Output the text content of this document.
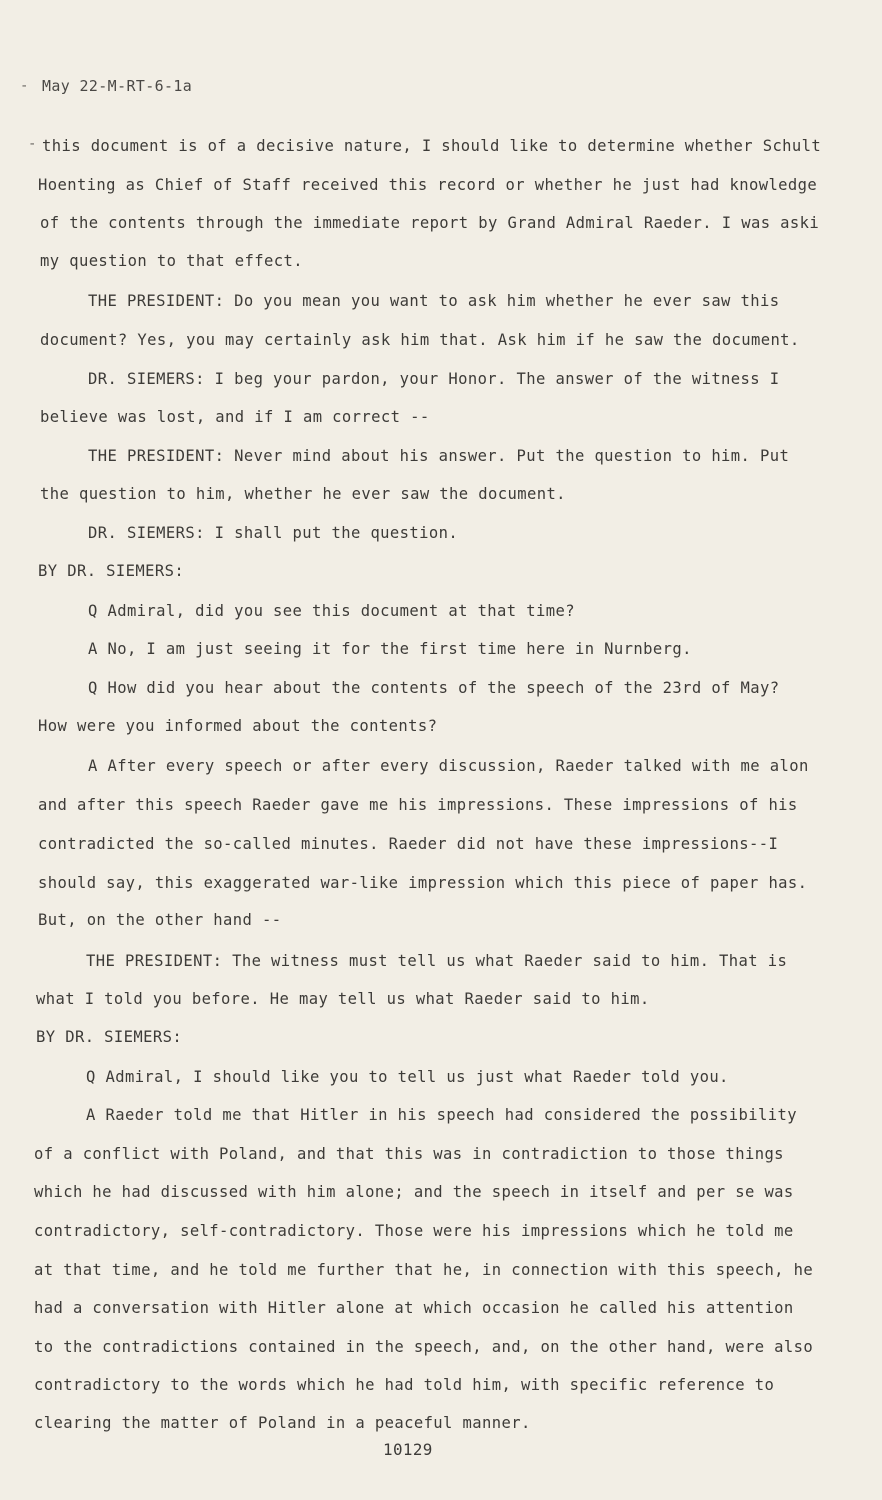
- May 22-M-RT-6-1a
- this document is of a decisive nature, I should like to determine whether Schult
Hoenting as Chief of Staff received this record or whether he just had knowledge
of the contents through the immediate report by Grand Admiral Raeder. I was aski
my question to that effect.
THE PRESIDENT: Do you mean you want to ask him whether he ever saw this
document? Yes, you may certainly ask him that. Ask him if he saw the document.
DR. SIEMERS: I beg your pardon, your Honor. The answer of the witness I
believe was lost, and if I am correct --
THE PRESIDENT: Never mind about his answer. Put the question to him. Put
the question to him, whether he ever saw the document.
DR. SIEMERS: I shall put the question.
BY DR. SIEMERS:
Q Admiral, did you see this document at that time?
A No, I am just seeing it for the first time here in Nurnberg.
Q How did you hear about the contents of the speech of the 23rd of May?
How were you informed about the contents?
A After every speech or after every discussion, Raeder talked with me alon
and after this speech Raeder gave me his impressions. These impressions of his
contradicted the so-called minutes. Raeder did not have these impressions--I
should say, this exaggerated war-like impression which this piece of paper has.
But, on the other hand --
THE PRESIDENT: The witness must tell us what Raeder said to him. That is
what I told you before. He may tell us what Raeder said to him.
BY DR. SIEMERS:
Q Admiral, I should like you to tell us just what Raeder told you.
A Raeder told me that Hitler in his speech had considered the possibility
of a conflict with Poland, and that this was in contradiction to those things
which he had discussed with him alone; and the speech in itself and per se was
contradictory, self-contradictory. Those were his impressions which he told me
at that time, and he told me further that he, in connection with this speech, he
had a conversation with Hitler alone at which occasion he called his attention
to the contradictions contained in the speech, and, on the other hand, were also
contradictory to the words which he had told him, with specific reference to
clearing the matter of Poland in a peaceful manner.
10129
